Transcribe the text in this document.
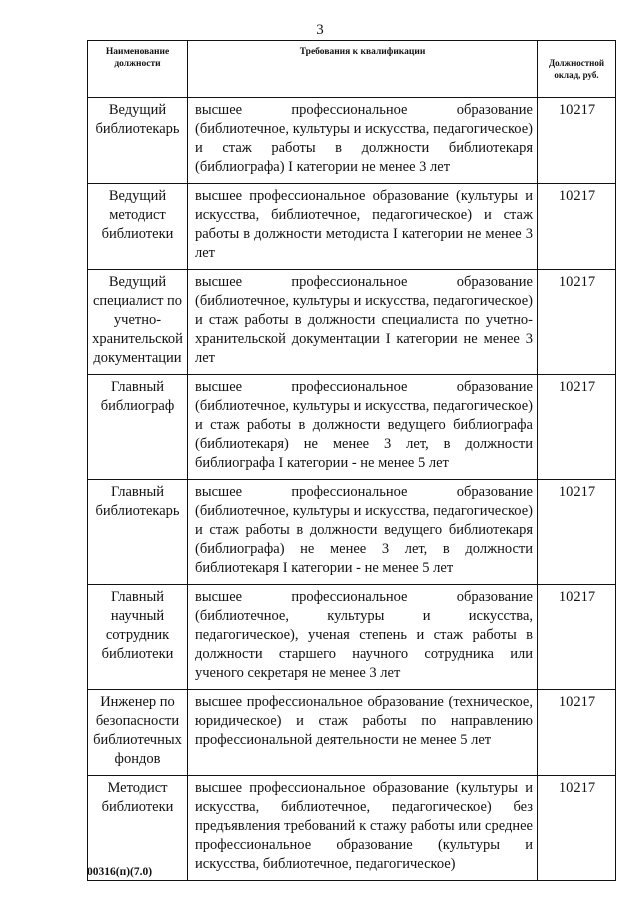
3
Наименование должности	Требования к квалификации	Должностной оклад, руб.
Ведущий библиотекарь	высшее профессиональное образование (библиотечное, культуры и искусства, педагогическое) и стаж работы в должности библиотекаря (библиографа) I категории не менее 3 лет	10217
Ведущий методист библиотеки	высшее профессиональное образование (культуры и искусства, библиотечное, педагогическое) и стаж работы в должности методиста I категории не менее 3 лет	10217
Ведущий специалист по учетно-хранительской документации	высшее профессиональное образование (библиотечное, культуры и искусства, педагогическое) и стаж работы в должности специалиста по учетно-хранительской документации I категории не менее 3 лет	10217
Главный библиограф	высшее профессиональное образование (библиотечное, культуры и искусства, педагогическое) и стаж работы в должности ведущего библиографа (библиотекаря) не менее 3 лет, в должности библиографа I категории - не менее 5 лет	10217
Главный библиотекарь	высшее профессиональное образование (библиотечное, культуры и искусства, педагогическое) и стаж работы в должности ведущего библиотекаря (библиографа) не менее 3 лет, в должности библиотекаря I категории - не менее 5 лет	10217
Главный научный сотрудник библиотеки	высшее профессиональное образование (библиотечное, культуры и искусства, педагогическое), ученая степень и стаж работы в должности старшего научного сотрудника или ученого секретаря не менее 3 лет	10217
Инженер по безопасности библиотечных фондов	высшее профессиональное образование (техническое, юридическое) и стаж работы по направлению профессиональной деятельности не менее 5 лет	10217
Методист библиотеки	высшее профессиональное образование (культуры и искусства, библиотечное, педагогическое) без предъявления требований к стажу работы или среднее профессиональное образование (культуры и искусства, библиотечное, педагогическое)	10217
00316(п)(7.0)
